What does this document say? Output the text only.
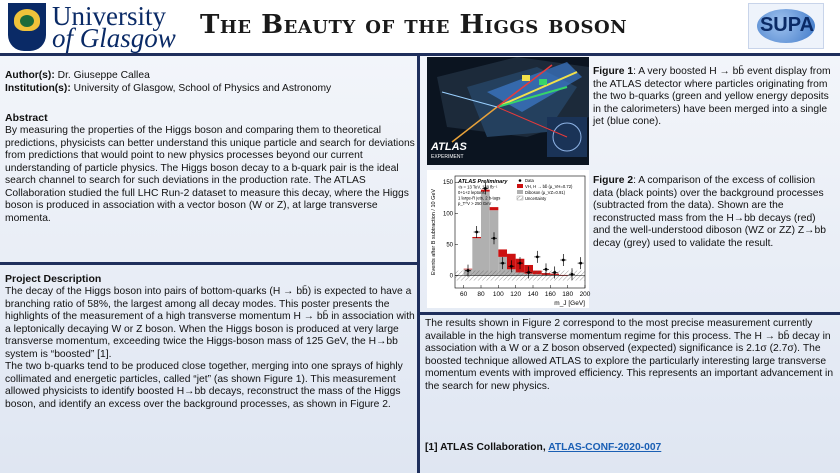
University
of Glasgow The Beauty of the Higgs boson	SUPA
Author(s): Dr. Giuseppe Callea
Institution(s): University of Glasgow, School of Physics and Astronomy
Abstract
By measuring the properties of the Higgs boson and comparing them to theoretical predictions, physicists can better understand this unique particle and search for deviations from predictions that would point to new physics processes beyond our current understanding of particle physics. The Higgs boson decay to a b-quark pair is the ideal search channel to search for such deviations in the production rate. The ATLAS Collaboration studied the full LHC Run-2 dataset to measure this decay, where the Higgs boson is produced in association with a vector boson (W or Z), at large transverse momenta.
Project Description
The decay of the Higgs boson into pairs of bottom-quarks (H → bb̄) is expected to have a branching ratio of 58%, the largest among all decay modes. This poster presents the highlights of the measurement of a high transverse momentum H → bb̄ in association with a leptonically decaying W or Z boson. When the Higgs boson is produced at very large transverse momentum, exceeding twice the Higgs-boson mass of 125 GeV, the H→bb system is “boosted” [1].
The two b-quarks tend to be produced close together, merging into one sprays of highly collimated and energetic particles, called “jet” (as shown Figure 1). This measurement allowed physicists to identify boosted H→bb decays, reconstruct the mass of the Higgs boson, and identify an excess over the background processes, as shown in Figure 2.
ATLAS
EXPERIMENT
Figure 1: A very boosted H → bb̄ event display from the ATLAS detector where particles originating from the two b-quarks (green and yellow energy deposits in the calorimeters) have been merged into a single jet (blue cone).
60 80 100 120 140 160 180 200
0
50
100
150
m_J [GeV]
Events after B subtraction / 10 GeV
ATLAS Preliminary
√s = 13 TeV, 139 fb⁻¹
0+1+2 leptons
1 large-R jets, 2 b-tags
p_T^V > 250 GeV
Data
VH, H → bb̄ (μ_VH=0.72)
Diboson (μ_VZ=0.91)
Uncertainty
Figure 2: A comparison of the excess of collision data (black points) over the background processes (subtracted from the data). Shown are the reconstructed mass from the H→bb decays (red) and the well-understood diboson (WZ or ZZ) Z→bb decay (grey) used to validate the result.
The results shown in Figure 2 correspond to the most precise measurement currently available in the high transverse momentum regime for this process. The H → bb̄ decay in association with a W or a Z boson observed (expected) significance is 2.1σ (2.7σ). The boosted technique allowed ATLAS to explore the particularly interesting large transverse momentum events with improved efficiency. This represents an important advancement in the search for new physics.
[1] ATLAS Collaboration, ATLAS-CONF-2020-007
